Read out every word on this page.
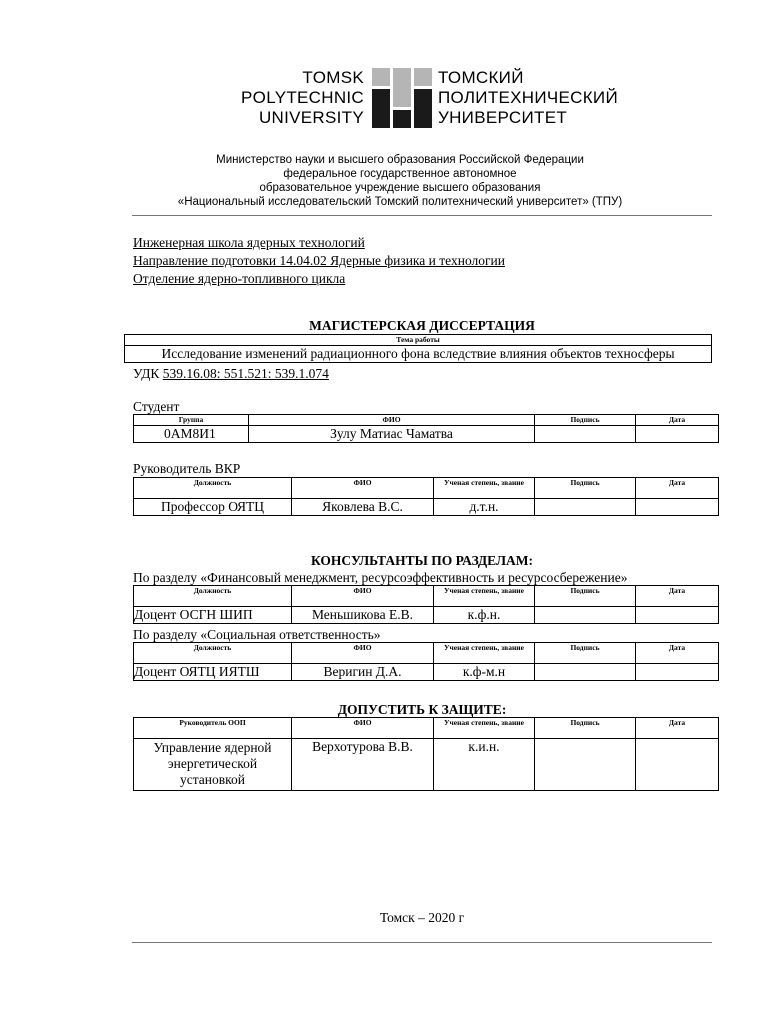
TOMSK
POLYTECHNIC
UNIVERSITY
ТОМСКИЙ
ПОЛИТЕХНИЧЕСКИЙ
УНИВЕРСИТЕТ
Министерство науки и высшего образования Российской Федерации
федеральное государственное автономное
образовательное учреждение высшего образования
«Национальный исследовательский Томский политехнический университет» (ТПУ)
Инженерная школа ядерных технологий
Направление подготовки 14.04.02 Ядерные физика и технологии
Отделение ядерно-топливного цикла
МАГИСТЕРСКАЯ ДИССЕРТАЦИЯ
Тема работы
Исследование изменений радиационного фона вследствие влияния объектов техносферы
УДК 539.16.08: 551.521: 539.1.074
Студент
Группа	ФИО	Подпись	Дата
0АМ8И1	Зулу Матиас Чаматва		
Руководитель ВКР
Должность	ФИО	Ученая степень, звание	Подпись	Дата
Профессор ОЯТЦ	Яковлева В.С.	д.т.н.		
КОНСУЛЬТАНТЫ ПО РАЗДЕЛАМ:
По разделу «Финансовый менеджмент, ресурсоэффективность и ресурсосбережение»
Должность	ФИО	Ученая степень, звание	Подпись	Дата
Доцент ОСГН ШИП	Меньшикова Е.В.	к.ф.н.		
По разделу «Социальная ответственность»
Должность	ФИО	Ученая степень, звание	Подпись	Дата
Доцент ОЯТЦ ИЯТШ	Веригин Д.А.	к.ф-м.н		
ДОПУСТИТЬ К ЗАЩИТЕ:
Руководитель ООП	ФИО	Ученая степень, звание	Подпись	Дата
Управление ядерной энергетической установкой	Верхотурова В.В.	к.и.н.		
Томск – 2020 г
